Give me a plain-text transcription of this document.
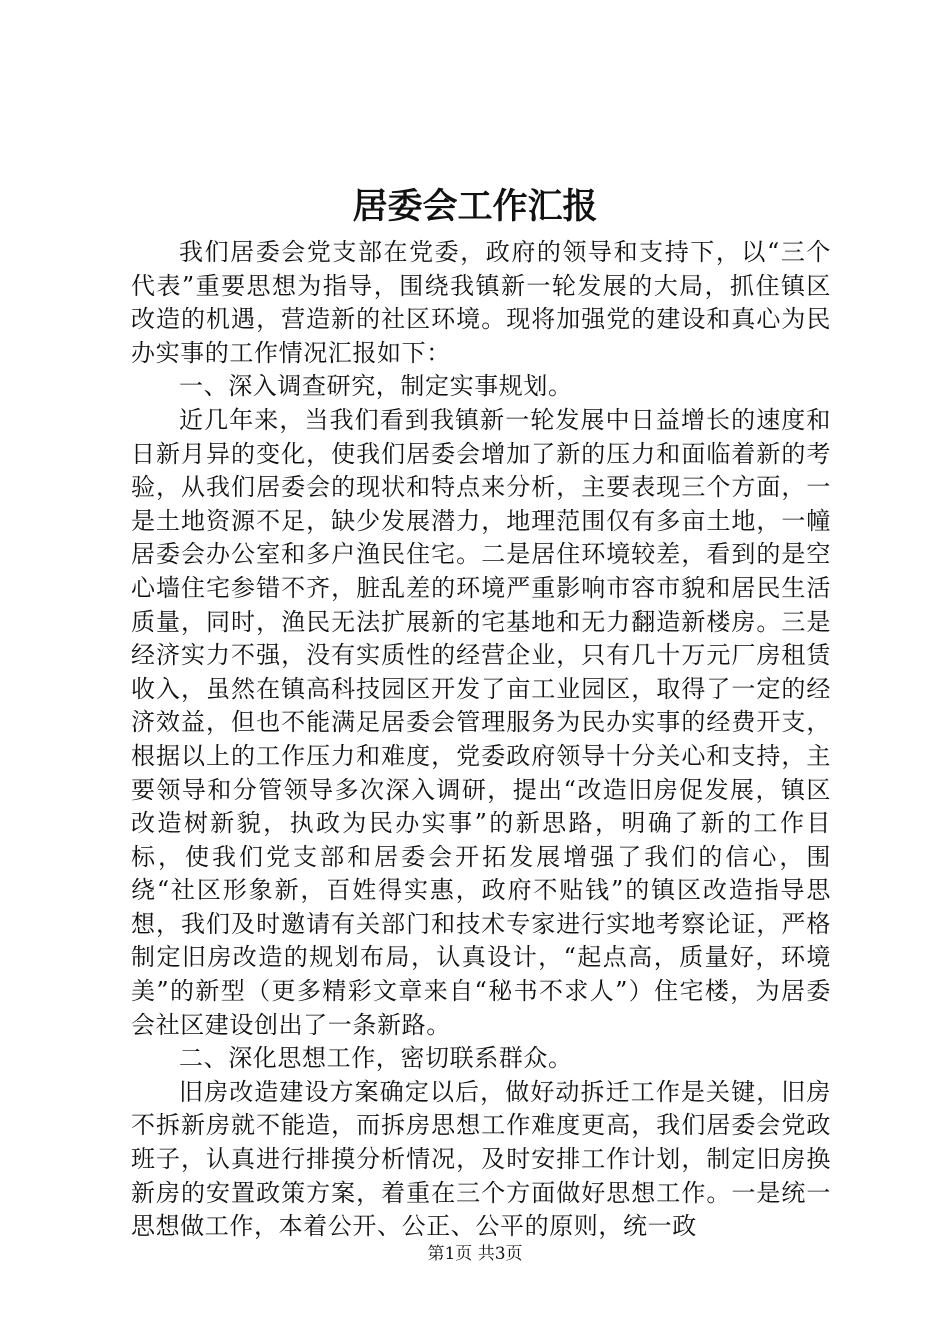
居委会工作汇报

我们居委会党支部在党委，政府的领导和支持下，以“三个代表”重要思想为指导，围绕我镇新一轮发展的大局，抓住镇区改造的机遇，营造新的社区环境。现将加强党的建设和真心为民办实事的工作情况汇报如下：

一、深入调查研究，制定实事规划。

近几年来，当我们看到我镇新一轮发展中日益增长的速度和日新月异的变化，使我们居委会增加了新的压力和面临着新的考验，从我们居委会的现状和特点来分析，主要表现三个方面，一是土地资源不足，缺少发展潜力，地理范围仅有多亩土地，一幢居委会办公室和多户渔民住宅。二是居住环境较差，看到的是空心墙住宅参错不齐，脏乱差的环境严重影响市容市貌和居民生活质量，同时，渔民无法扩展新的宅基地和无力翻造新楼房。三是经济实力不强，没有实质性的经营企业，只有几十万元厂房租赁收入，虽然在镇高科技园区开发了亩工业园区，取得了一定的经济效益，但也不能满足居委会管理服务为民办实事的经费开支，根据以上的工作压力和难度，党委政府领导十分关心和支持，主要领导和分管领导多次深入调研，提出“改造旧房促发展，镇区改造树新貌，执政为民办实事”的新思路，明确了新的工作目标，使我们党支部和居委会开拓发展增强了我们的信心，围绕“社区形象新，百姓得实惠，政府不贴钱”的镇区改造指导思想，我们及时邀请有关部门和技术专家进行实地考察论证，严格制定旧房改造的规划布局，认真设计，“起点高，质量好，环境美”的新型（更多精彩文章来自“秘书不求人”）住宅楼，为居委会社区建设创出了一条新路。

二、深化思想工作，密切联系群众。

旧房改造建设方案确定以后，做好动拆迁工作是关键，旧房不拆新房就不能造，而拆房思想工作难度更高，我们居委会党政班子，认真进行排摸分析情况，及时安排工作计划，制定旧房换新房的安置政策方案，着重在三个方面做好思想工作。一是统一思想做工作，本着公开、公正、公平的原则，统一政

第1页 共3页
